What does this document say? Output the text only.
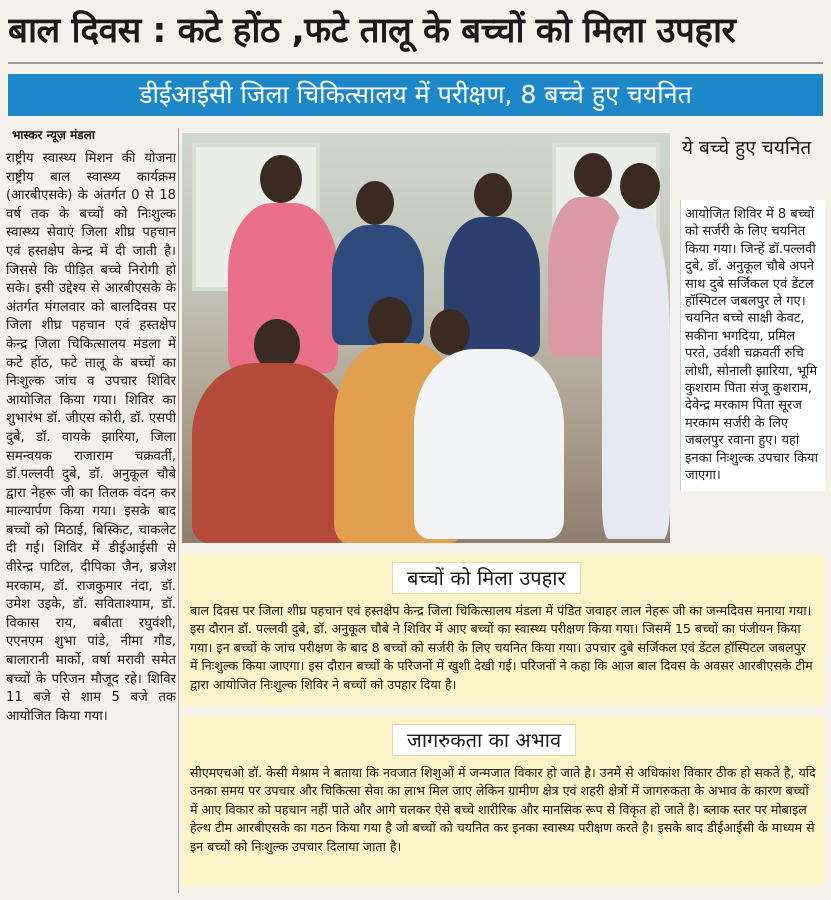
बाल दिवस : कटे होंठ ,फटे तालू के बच्चों को मिला उपहार
डीईआईसी जिला चिकित्सालय में परीक्षण, 8 बच्चे हुए चयनित
भास्कर न्यूज़ मंडला
राष्ट्रीय स्वास्थ्य मिशन की योजना राष्ट्रीय बाल स्वास्थ्य कार्यक्रम (आरबीएसके) के अंतर्गत 0 से 18 वर्ष तक के बच्चों को निःशुल्क स्वास्थ्य सेवाएं जिला शीघ्र पहचान एवं हस्तक्षेप केन्द्र में दी जाती है। जिससे कि पीड़ित बच्चे निरोगी हो सके। इसी उद्देश्य से आरबीएसके के अंतर्गत मंगलवार को बालदिवस पर जिला शीघ्र पहचान एवं हस्तक्षेप केन्द्र जिला चिकित्सालय मंडला में कटे होंठ, फटे तालू के बच्चों का निःशुल्क जांच व उपचार शिविर आयोजित किया गया। शिविर का शुभारंभ डॉ. जीएस कोरी, डॉ. एसपी दुबे, डॉ. वायके झारिया, जिला समन्वयक राजाराम चक्रवर्ती, डॉ.पल्लवी दुबे, डॉ. अनुकूल चौबे द्वारा नेहरू जी का तिलक वंदन कर माल्यार्पण किया गया। इसके बाद बच्चों को मिठाई, बिस्किट, चाकलेट दी गई। शिविर में डीईआईसी से वीरेन्द्र पाटिल, दीपिका जैन, ब्रजेश मरकाम, डॉ. राजकुमार नंदा, डॉ. उमेश उइके, डॉ. सविताश्याम, डॉ. विकास राय, बबीता रघुवंशी, एएनएम शुभा पांडे, नीमा गौड, बालारानी मार्को, वर्षा मरावी समेत बच्चों के परिजन मौजूद रहे। शिविर 11 बजे से शाम 5 बजे तक आयोजित किया गया।
ये बच्चे हुए चयनित
आयोजित शिविर में 8 बच्चों को सर्जरी के लिए चयनित किया गया। जिन्हें डॉ.पल्लवी दुबे, डॉ. अनुकूल चौबे अपने साथ दुबे सर्जिकल एवं डेंटल हॉस्पिटल जबलपुर ले गए। चयनित बच्चे साक्षी केवट, सकीना भगदिया, प्रमिल परते, उर्वशी चक्रवर्ती रुचि लोधी, सोनाली झारिया, भूमि कुशराम पिता संजू कुशराम, देवेन्द्र मरकाम पिता सूरज मरकाम सर्जरी के लिए जबलपुर रवाना हुए। यहां इनका निःशुल्क उपचार किया जाएगा।
बच्चों को मिला उपहार
बाल दिवस पर जिला शीघ्र पहचान एवं हस्तक्षेप केन्द्र जिला चिकित्सालय मंडला में पंडित जवाहर लाल नेहरू जी का जन्मदिवस मनाया गया। इस दौरान डॉ. पल्लवी दुबे, डॉ. अनुकूल चौबे ने शिविर में आए बच्चों का स्वास्थ्य परीक्षण किया गया। जिसमें 15 बच्चों का पंजीयन किया गया। इन बच्चों के जांच परीक्षण के बाद 8 बच्चों को सर्जरी के लिए चयनित किया गया। उपचार दुबे सर्जिकल एवं डेंटल हॉस्पिटल जबलपुर में निःशुल्क किया जाएगा। इस दौरान बच्चों के परिजनों में खुशी देखी गई। परिजनों ने कहा कि आज बाल दिवस के अवसर आरबीएसके टीम द्वारा आयोजित निःशुल्क शिविर ने बच्चों को उपहार दिया है।
जागरुकता का अभाव
सीएमएचओ डॉ. केसी मेश्राम ने बताया कि नवजात शिशुओं में जन्मजात विकार हो जाते है। उनमें से अधिकांश विकार ठीक हो सकते है, यदि उनका समय पर उपचार और चिकित्सा सेवा का लाभ मिल जाए लेकिन ग्रामीण क्षेत्र एवं शहरी क्षेत्रों में जागरुकता के अभाव के कारण बच्चों में आए विकार को पहचान नहीं पाते और आगे चलकर ऐसे बच्चे शारीरिक और मानसिक रूप से विकृत हो जाते है। ब्लाक स्तर पर मोबाइल हेल्थ टीम आरबीएसके का गठन किया गया है जो बच्चों को चयनित कर इनका स्वास्थ्य परीक्षण करते है। इसके बाद डीईआईसी के माध्यम से इन बच्चों को निःशुल्क उपचार दिलाया जाता है।
